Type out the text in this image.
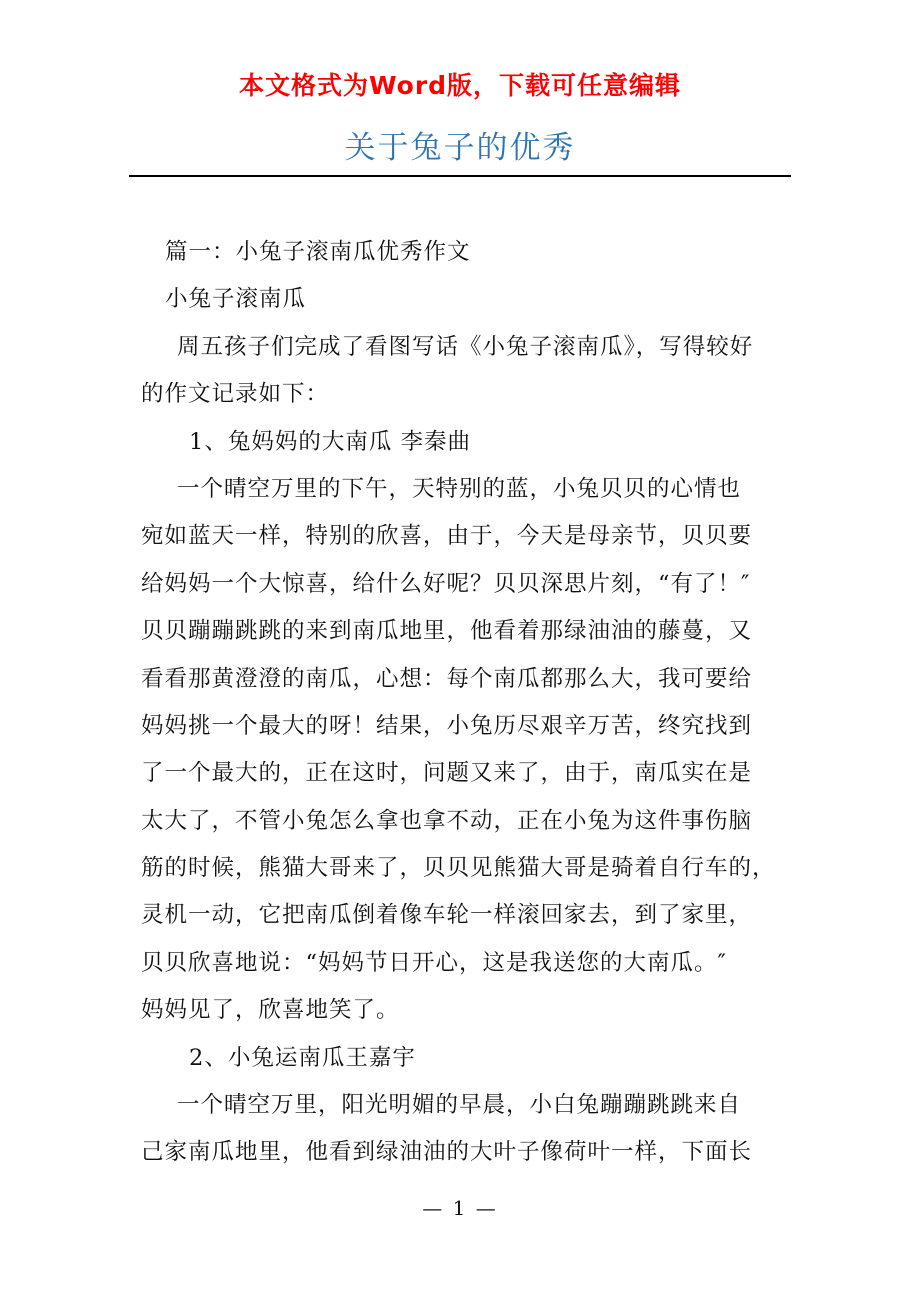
本文格式为Word版，下载可任意编辑
关于兔子的优秀
篇一：小兔子滚南瓜优秀作文
小兔子滚南瓜
周五孩子们完成了看图写话《小兔子滚南瓜》，写得较好
的作文记录如下：
1、兔妈妈的大南瓜 李秦曲
一个晴空万里的下午，天特别的蓝，小兔贝贝的心情也
宛如蓝天一样，特别的欣喜，由于，今天是母亲节，贝贝要
给妈妈一个大惊喜，给什么好呢？贝贝深思片刻，“有了！″
贝贝蹦蹦跳跳的来到南瓜地里，他看着那绿油油的藤蔓，又
看看那黄澄澄的南瓜，心想：每个南瓜都那么大，我可要给
妈妈挑一个最大的呀！结果，小兔历尽艰辛万苦，终究找到
了一个最大的，正在这时，问题又来了，由于，南瓜实在是
太大了，不管小兔怎么拿也拿不动，正在小兔为这件事伤脑
筋的时候，熊猫大哥来了，贝贝见熊猫大哥是骑着自行车的，
灵机一动，它把南瓜倒着像车轮一样滚回家去，到了家里，
贝贝欣喜地说：“妈妈节日开心，这是我送您的大南瓜。″
妈妈见了，欣喜地笑了。
2、小兔运南瓜王嘉宇
一个晴空万里，阳光明媚的早晨，小白兔蹦蹦跳跳来自
己家南瓜地里，他看到绿油油的大叶子像荷叶一样，下面长
— 1 —
